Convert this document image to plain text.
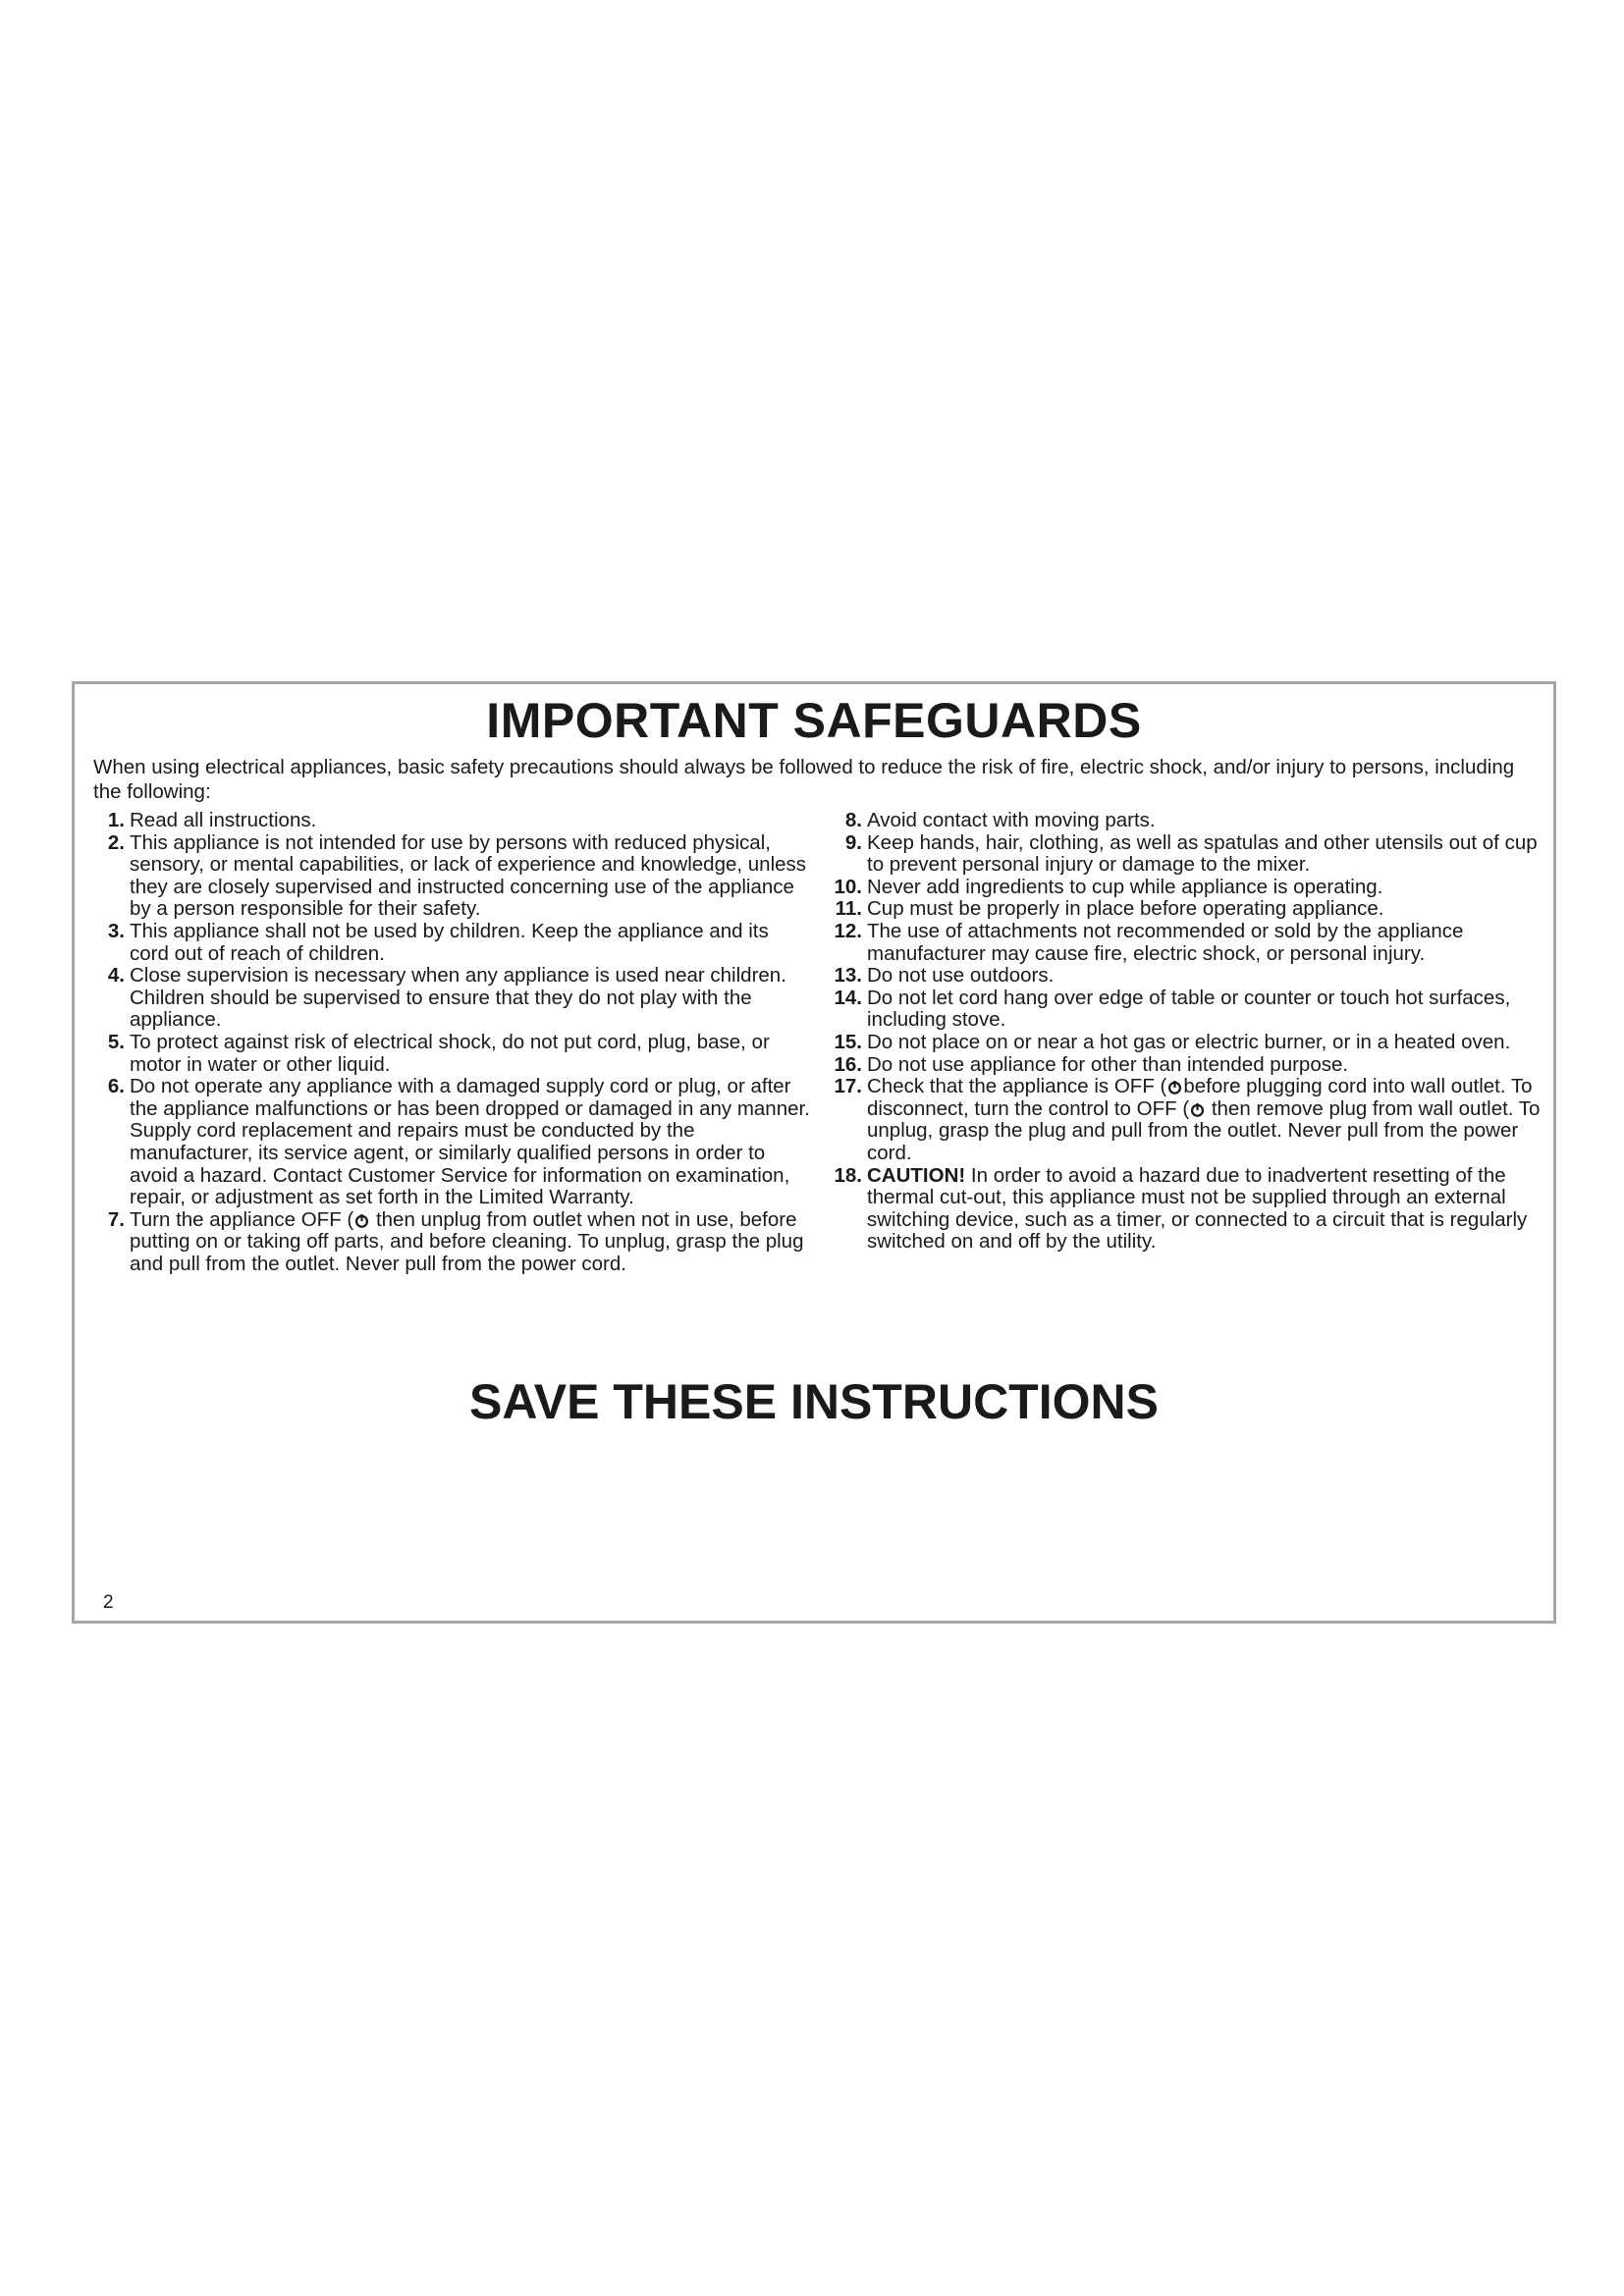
IMPORTANT SAFEGUARDS
When using electrical appliances, basic safety precautions should always be followed to reduce the risk of fire, electric shock, and/or injury to persons, including the following:
1. Read all instructions.
2. This appliance is not intended for use by persons with reduced physical, sensory, or mental capabilities, or lack of experience and knowledge, unless they are closely supervised and instructed concerning use of the appliance by a person responsible for their safety.
3. This appliance shall not be used by children. Keep the appliance and its cord out of reach of children.
4. Close supervision is necessary when any appliance is used near children. Children should be supervised to ensure that they do not play with the appliance.
5. To protect against risk of electrical shock, do not put cord, plug, base, or motor in water or other liquid.
6. Do not operate any appliance with a damaged supply cord or plug, or after the appliance malfunctions or has been dropped or damaged in any manner. Supply cord replacement and repairs must be conducted by the manufacturer, its service agent, or similarly qualified persons in order to avoid a hazard. Contact Customer Service for information on examination, repair, or adjustment as set forth in the Limited Warranty.
7. Turn the appliance OFF ( then unplug from outlet when not in use, before putting on or taking off parts, and before cleaning. To unplug, grasp the plug and pull from the outlet. Never pull from the power cord.
8. Avoid contact with moving parts.
9. Keep hands, hair, clothing, as well as spatulas and other utensils out of cup to prevent personal injury or damage to the mixer.
10. Never add ingredients to cup while appliance is operating.
11. Cup must be properly in place before operating appliance.
12. The use of attachments not recommended or sold by the appliance manufacturer may cause fire, electric shock, or personal injury.
13. Do not use outdoors.
14. Do not let cord hang over edge of table or counter or touch hot surfaces, including stove.
15. Do not place on or near a hot gas or electric burner, or in a heated oven.
16. Do not use appliance for other than intended purpose.
17. Check that the appliance is OFF ( before plugging cord into wall outlet. To disconnect, turn the control to OFF ( then remove plug from wall outlet. To unplug, grasp the plug and pull from the outlet. Never pull from the power cord.
18. CAUTION! In order to avoid a hazard due to inadvertent resetting of the thermal cut-out, this appliance must not be supplied through an external switching device, such as a timer, or connected to a circuit that is regularly switched on and off by the utility.
SAVE THESE INSTRUCTIONS
2
